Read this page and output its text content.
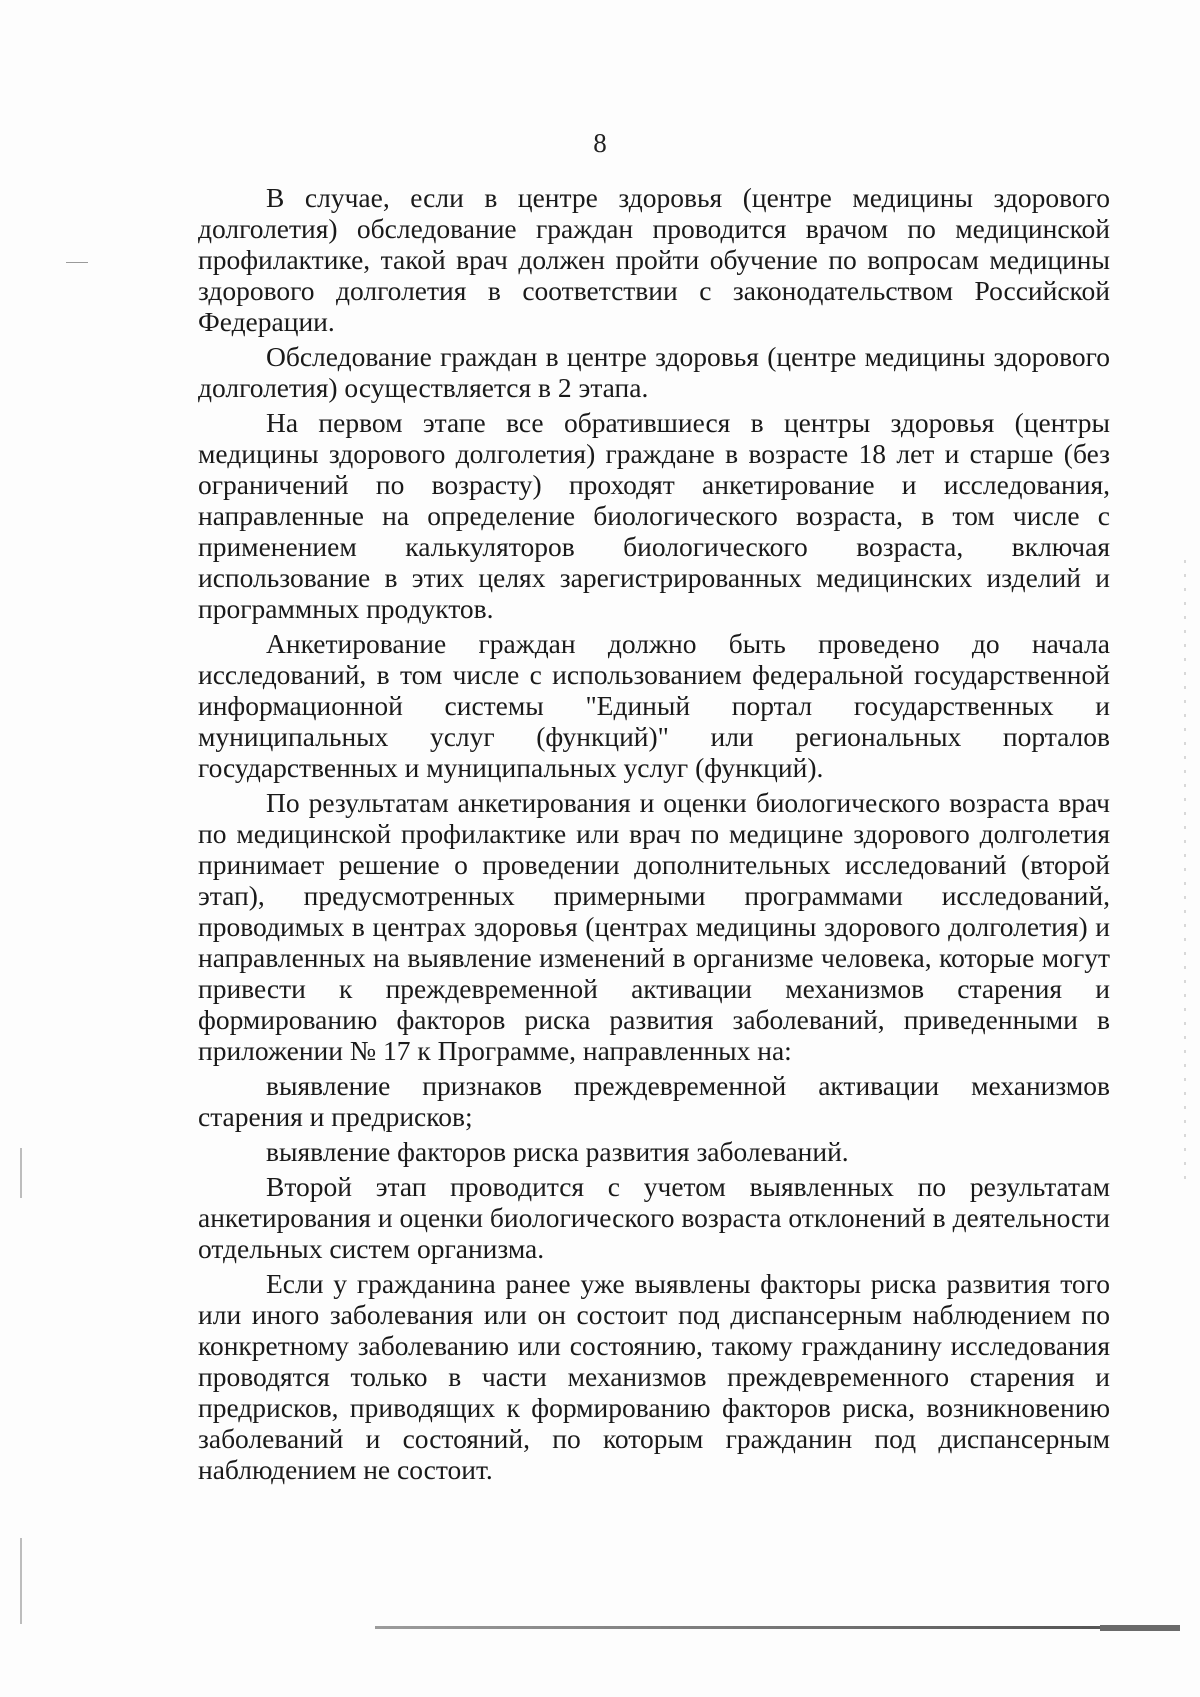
8

В случае, если в центре здоровья (центре медицины здорового долголетия) обследование граждан проводится врачом по медицинской профилактике, такой врач должен пройти обучение по вопросам медицины здорового долголетия в соответствии с законодательством Российской Федерации.

Обследование граждан в центре здоровья (центре медицины здорового долголетия) осуществляется в 2 этапа.

На первом этапе все обратившиеся в центры здоровья (центры медицины здорового долголетия) граждане в возрасте 18 лет и старше (без ограничений по возрасту) проходят анкетирование и исследования, направленные на определение биологического возраста, в том числе с применением калькуляторов биологического возраста, включая использование в этих целях зарегистрированных медицинских изделий и программных продуктов.

Анкетирование граждан должно быть проведено до начала исследований, в том числе с использованием федеральной государственной информационной системы "Единый портал государственных и муниципальных услуг (функций)" или региональных порталов государственных и муниципальных услуг (функций).

По результатам анкетирования и оценки биологического возраста врач по медицинской профилактике или врач по медицине здорового долголетия принимает решение о проведении дополнительных исследований (второй этап), предусмотренных примерными программами исследований, проводимых в центрах здоровья (центрах медицины здорового долголетия) и направленных на выявление изменений в организме человека, которые могут привести к преждевременной активации механизмов старения и формированию факторов риска развития заболеваний, приведенными в приложении № 17 к Программе, направленных на:

выявление признаков преждевременной активации механизмов старения и предрисков;

выявление факторов риска развития заболеваний.

Второй этап проводится с учетом выявленных по результатам анкетирования и оценки биологического возраста отклонений в деятельности отдельных систем организма.

Если у гражданина ранее уже выявлены факторы риска развития того или иного заболевания или он состоит под диспансерным наблюдением по конкретному заболеванию или состоянию, такому гражданину исследования проводятся только в части механизмов преждевременного старения и предрисков, приводящих к формированию факторов риска, возникновению заболеваний и состояний, по которым гражданин под диспансерным наблюдением не состоит.
